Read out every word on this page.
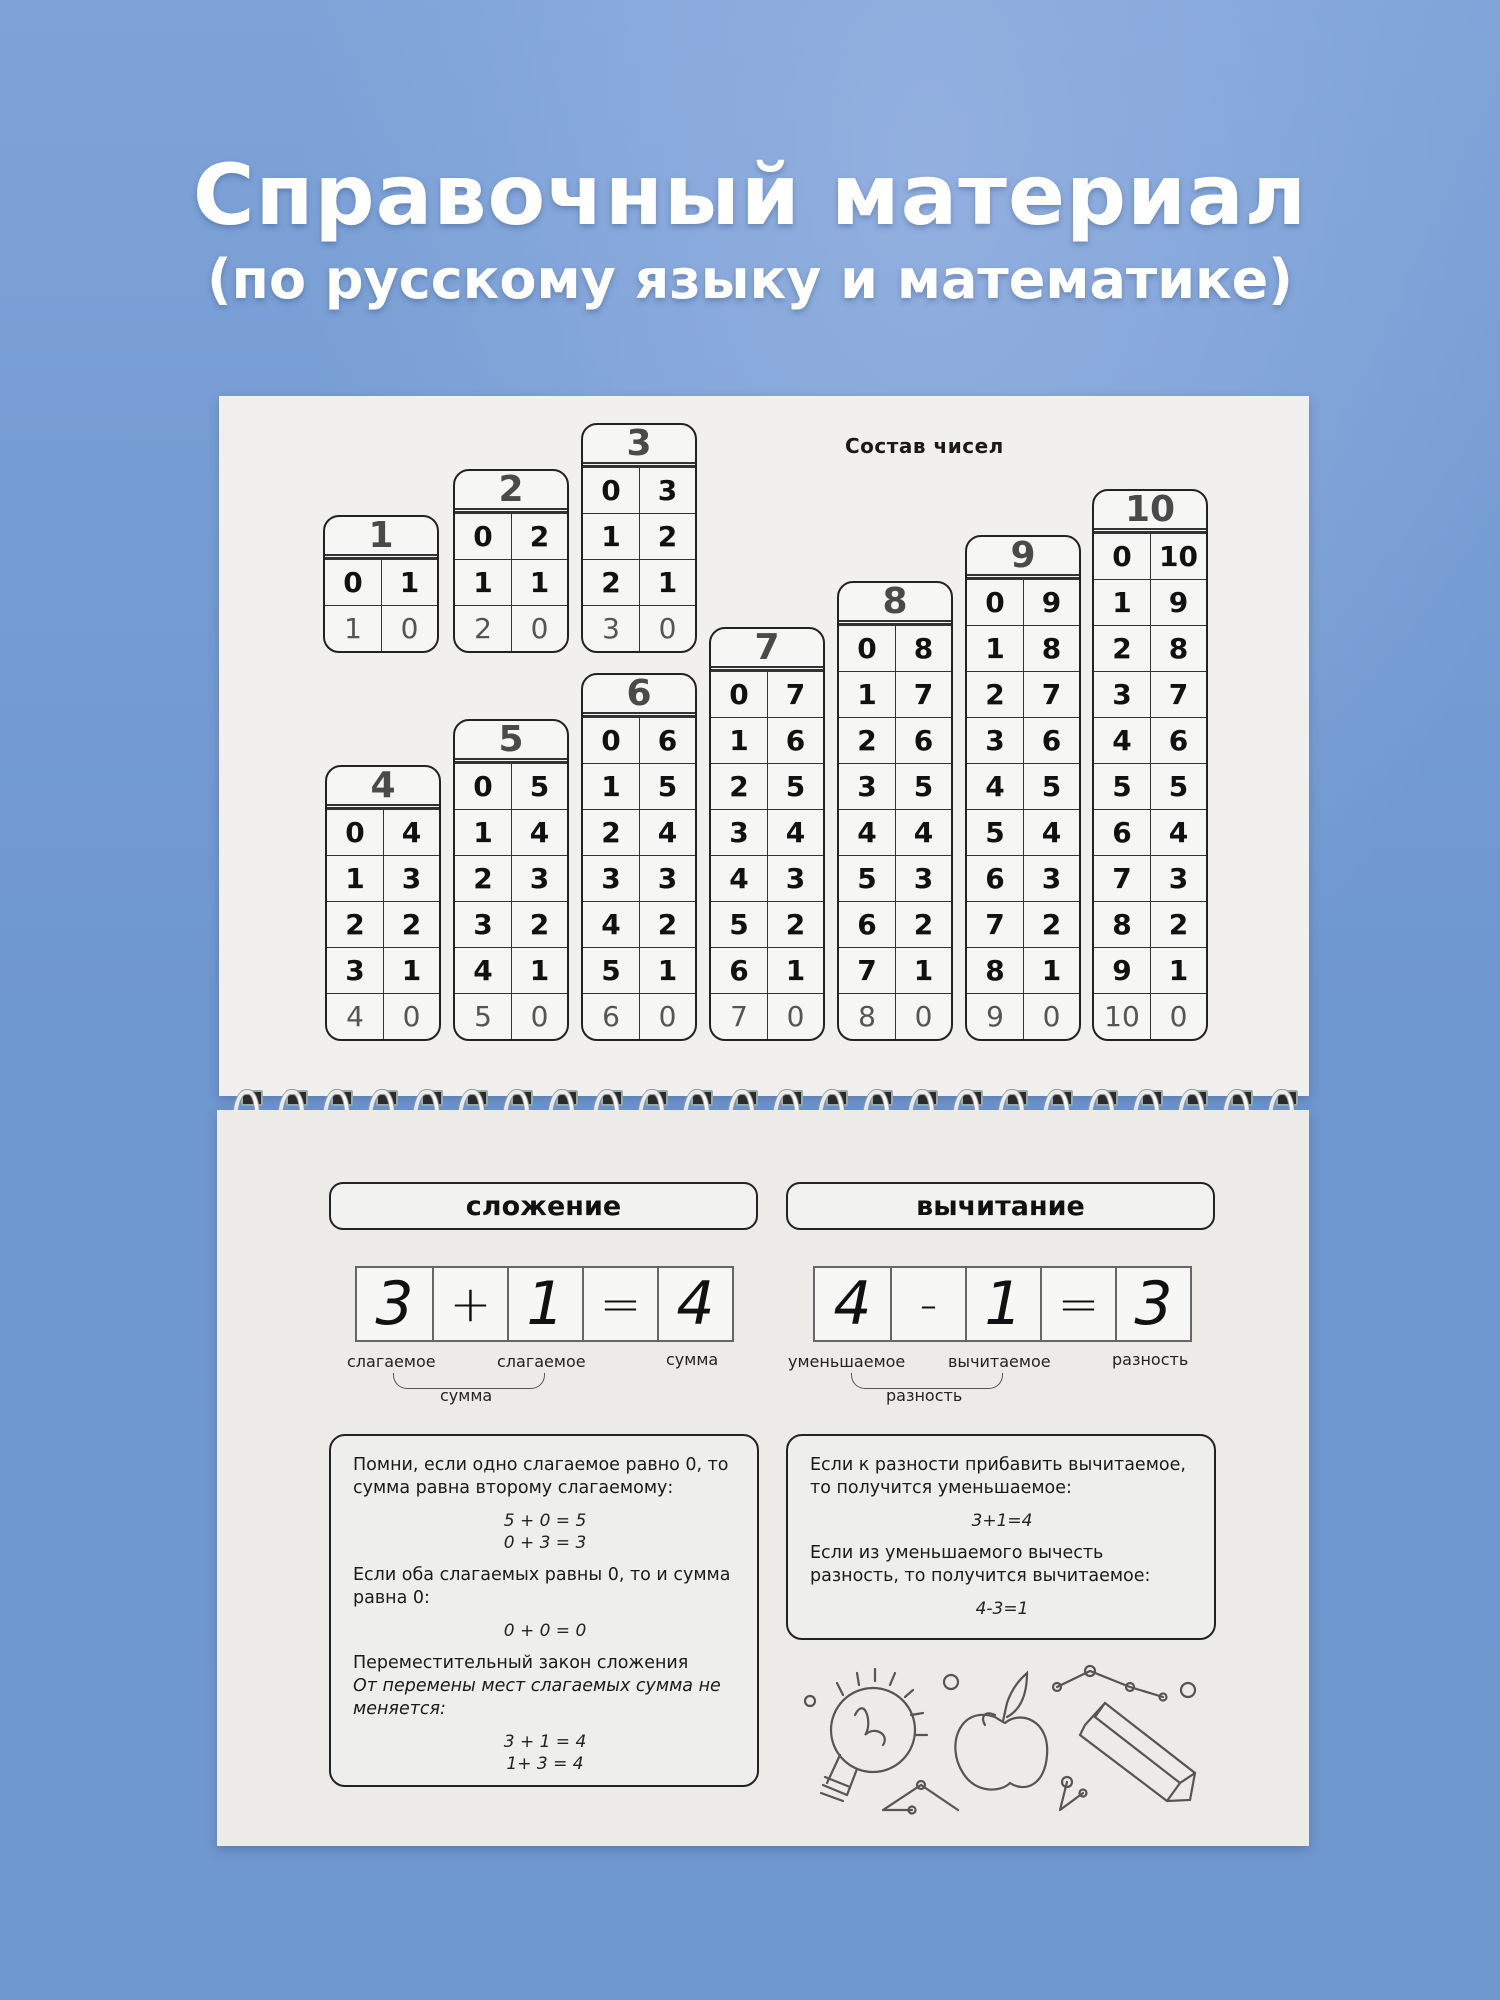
Справочный материал
(по русскому языку и математике)
Состав чисел
1
0	1
1	0
2
0	2
1	1
2	0
3
0	3
1	2
2	1
3	0
4
0	4
1	3
2	2
3	1
4	0
5
0	5
1	4
2	3
3	2
4	1
5	0
6
0	6
1	5
2	4
3	3
4	2
5	1
6	0
7
0	7
1	6
2	5
3	4
4	3
5	2
6	1
7	0
8
0	8
1	7
2	6
3	5
4	4
5	3
6	2
7	1
8	0
9
0	9
1	8
2	7
3	6
4	5
5	4
6	3
7	2
8	1
9	0
10
0 10
1	9
2	8
3	7
4	6
5	5
6	4
7	3
8	2
9	1
10	0
сложение	вычитание
3 + 1 = 4
слагаемое	слагаемое	сумма
сумма
4 - 1 = 3
уменьшаемое	вычитаемое	разность
разность

Помни, если одно слагаемое равно 0, то сумма равна второму слагаемому:

5 + 0 = 5
0 + 3 = 3

Если оба слагаемых равны 0, то и сумма равна 0:

0 + 0 = 0

Переместительный закон сложения

От перемены мест слагаемых сумма не меняется:

3 + 1 = 4
1+ 3 = 4

Если к разности прибавить вычитаемое, то получится уменьшаемое:

3+1=4

Если из уменьшаемого вычесть разность, то получится вычитаемое:

4-3=1
